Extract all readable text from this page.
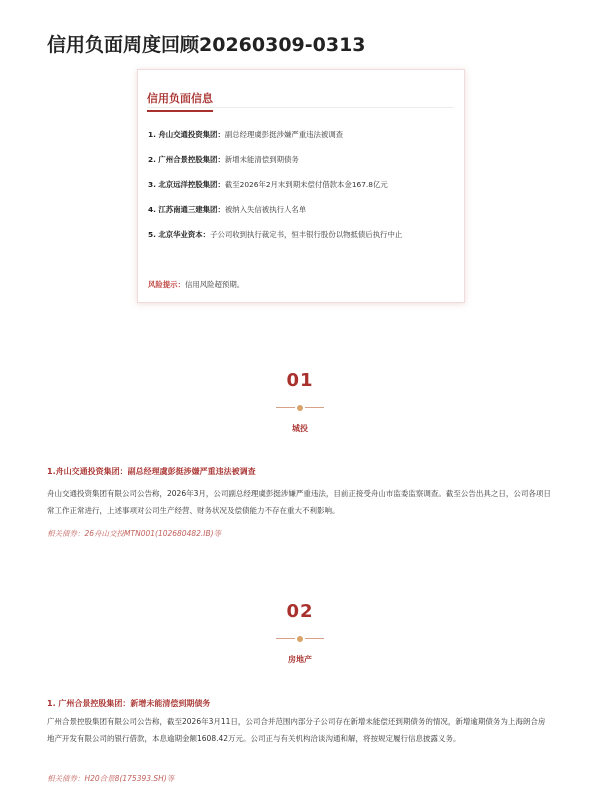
信用负面周度回顾20260309-0313
信用负面信息
1. 舟山交通投资集团：副总经理虞彭挺涉嫌严重违法被调查
2. 广州合景控股集团：新增未能清偿到期债务
3. 北京远洋控股集团：截至2026年2月末到期未偿付借款本金167.8亿元
4. 江苏南通三建集团：被纳入失信被执行人名单
5. 北京华业资本：子公司收到执行裁定书，恒丰银行股份以物抵债后执行中止
风险提示：信用风险超预期。
01
城投
1.舟山交通投资集团：副总经理虞彭挺涉嫌严重违法被调查
舟山交通投资集团有限公司公告称，2026年3月，公司副总经理虞彭挺涉嫌严重违法，目前正接受舟山市监委监察调查。截至公告出具之日，公司各项日常工作正常进行，上述事项对公司生产经营、财务状况及偿债能力不存在重大不利影响。
相关债券：26舟山交投MTN001(102680482.IB)等
02
房地产
1. 广州合景控股集团：新增未能清偿到期债务
广州合景控股集团有限公司公告称，截至2026年3月11日，公司合并范围内部分子公司存在新增未能偿还到期债务的情况，新增逾期债务为上海朗合房地产开发有限公司的银行借款，本息逾期金额1608.42万元。公司正与有关机构洽谈沟通和解，将按规定履行信息披露义务。
相关债券：H20合景8(175393.SH)等
